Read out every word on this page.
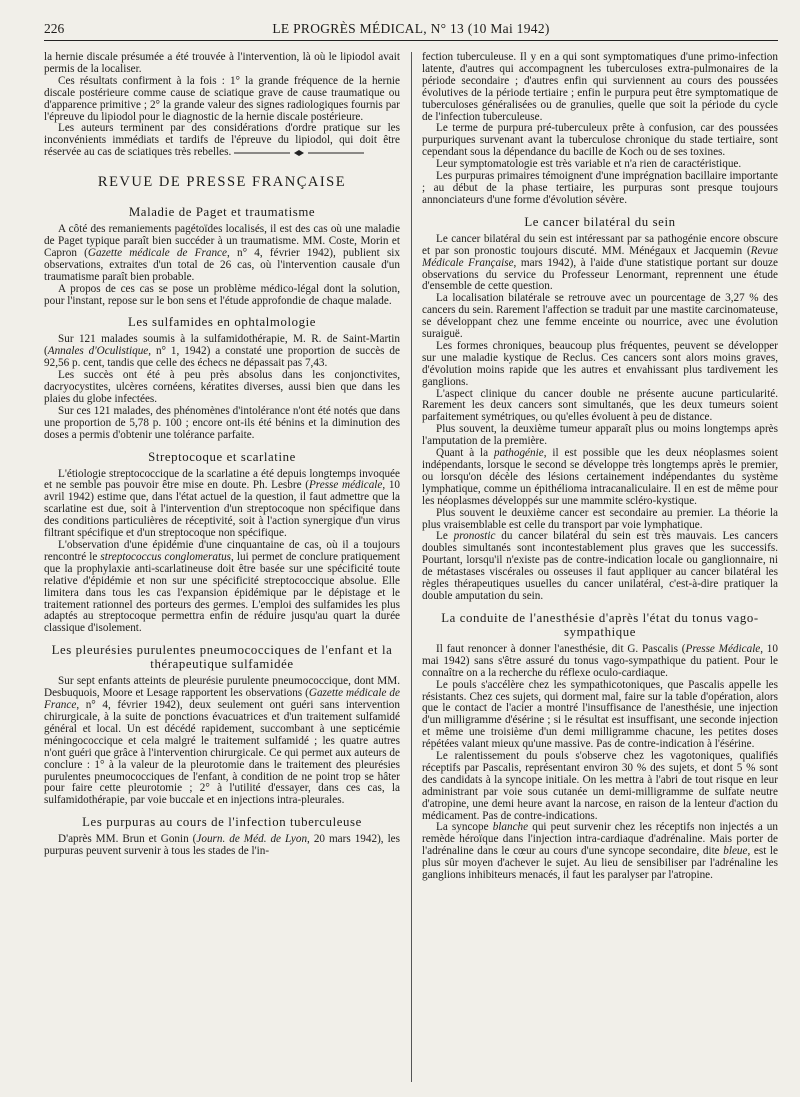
226	LE PROGRÈS MÉDICAL, N° 13 (10 Mai 1942)

la hernie discale présumée a été trouvée à l'intervention, là où le lipiodol avait permis de la localiser.

Ces résultats confirment à la fois : 1° la grande fréquence de la hernie discale postérieure comme cause de sciatique grave de cause traumatique ou d'apparence primitive ; 2° la grande valeur des signes radiologiques fournis par l'épreuve du lipiodol pour le diagnostic de la hernie discale postérieure.

Les auteurs terminent par des considérations d'ordre pratique sur les inconvénients immédiats et tardifs de l'épreuve du lipiodol, qui doit être réservée au cas de sciatiques très rebelles.

REVUE DE PRESSE FRANÇAISE
Maladie de Paget et traumatisme

A côté des remaniements pagétoïdes localisés, il est des cas où une maladie de Paget typique paraît bien succéder à un traumatisme. MM. Coste, Morin et Capron (Gazette médicale de France, n° 4, février 1942), publient six observations, extraites d'un total de 26 cas, où l'intervention causale d'un traumatisme paraît bien probable.

A propos de ces cas se pose un problème médico-légal dont la solution, pour l'instant, repose sur le bon sens et l'étude approfondie de chaque malade.

Les sulfamides en ophtalmologie

Sur 121 malades soumis à la sulfamidothérapie, M. R. de Saint-Martin (Annales d'Oculistique, n° 1, 1942) a constaté une proportion de succès de 92,56 p. cent, tandis que celle des échecs ne dépassait pas 7,43.

Les succès ont été à peu près absolus dans les conjonctivites, dacryocystites, ulcères cornéens, kératites diverses, aussi bien que dans les plaies du globe infectées.

Sur ces 121 malades, des phénomènes d'intolérance n'ont été notés que dans une proportion de 5,78 p. 100 ; encore ont-ils été bénins et la diminution des doses a permis d'obtenir une tolérance parfaite.

Streptocoque et scarlatine

L'étiologie streptococcique de la scarlatine a été depuis longtemps invoquée et ne semble pas pouvoir être mise en doute. Ph. Lesbre (Presse médicale, 10 avril 1942) estime que, dans l'état actuel de la question, il faut admettre que la scarlatine est due, soit à l'intervention d'un streptocoque non spécifique dans des conditions particulières de réceptivité, soit à l'action synergique d'un virus filtrant spécifique et d'un streptocoque non spécifique.

L'observation d'une épidémie d'une cinquantaine de cas, où il a toujours rencontré le streptococcus conglomeratus, lui permet de conclure pratiquement que la prophylaxie anti-scarlatineuse doit être basée sur une spécificité toute relative d'épidémie et non sur une spécificité streptococcique absolue. Elle limitera dans tous les cas l'expansion épidémique par le dépistage et le traitement rationnel des porteurs des germes. L'emploi des sulfamides les plus adaptés au streptocoque permettra enfin de réduire jusqu'au quart la durée classique d'isolement.

Les pleurésies purulentes pneumococciques de l'enfant et la thérapeutique sulfamidée

Sur sept enfants atteints de pleurésie purulente pneumococcique, dont MM. Desbuquois, Moore et Lesage rapportent les observations (Gazette médicale de France, n° 4, février 1942), deux seulement ont guéri sans intervention chirurgicale, à la suite de ponctions évacuatrices et d'un traitement sulfamidé général et local. Un est décédé rapidement, succombant à une septicémie méningococcique et cela malgré le traitement sulfamidé ; les quatre autres n'ont guéri que grâce à l'intervention chirurgicale. Ce qui permet aux auteurs de conclure : 1° à la valeur de la pleurotomie dans le traitement des pleurésies purulentes pneumococciques de l'enfant, à condition de ne point trop se hâter pour faire cette pleurotomie ; 2° à l'utilité d'essayer, dans ces cas, la sulfamidothérapie, par voie buccale et en injections intra-pleurales.

Les purpuras au cours de l'infection tuberculeuse

D'après MM. Brun et Gonin (Journ. de Méd. de Lyon, 20 mars 1942), les purpuras peuvent survenir à tous les stades de l'in-

fection tuberculeuse. Il y en a qui sont symptomatiques d'une primo-infection latente, d'autres qui accompagnent les tuberculoses extra-pulmonaires de la période secondaire ; d'autres enfin qui surviennent au cours des poussées évolutives de la période tertiaire ; enfin le purpura peut être symptomatique de tuberculoses généralisées ou de granulies, quelle que soit la période du cycle de l'infection tuberculeuse.

Le terme de purpura pré-tuberculeux prête à confusion, car des poussées purpuriques survenant avant la tuberculose chronique du stade tertiaire, sont cependant sous la dépendance du bacille de Koch ou de ses toxines.

Leur symptomatologie est très variable et n'a rien de caractéristique.

Les purpuras primaires témoignent d'une imprégnation bacillaire importante ; au début de la phase tertiaire, les purpuras sont presque toujours annonciateurs d'une forme d'évolution sévère.

Le cancer bilatéral du sein

Le cancer bilatéral du sein est intéressant par sa pathogénie encore obscure et par son pronostic toujours discuté. MM. Ménégaux et Jacquemin (Revue Médicale Française, mars 1942), à l'aide d'une statistique portant sur douze observations du service du Professeur Lenormant, reprennent une étude d'ensemble de cette question.

La localisation bilatérale se retrouve avec un pourcentage de 3,27 % des cancers du sein. Rarement l'affection se traduit par une mastite carcinomateuse, se développant chez une femme enceinte ou nourrice, avec une évolution suraiguë.

Les formes chroniques, beaucoup plus fréquentes, peuvent se développer sur une maladie kystique de Reclus. Ces cancers sont alors moins graves, d'évolution moins rapide que les autres et envahissant plus tardivement les ganglions.

L'aspect clinique du cancer double ne présente aucune particularité. Rarement les deux cancers sont simultanés, que les deux tumeurs soient parfaitement symétriques, ou qu'elles évoluent à peu de distance.

Plus souvent, la deuxième tumeur apparaît plus ou moins longtemps après l'amputation de la première.

Quant à la pathogénie, il est possible que les deux néoplasmes soient indépendants, lorsque le second se développe très longtemps après le premier, ou lorsqu'on décèle des lésions certainement indépendantes du système lymphatique, comme un épithélioma intracanaliculaire. Il en est de même pour les néoplasmes développés sur une mammite scléro-kystique.

Plus souvent le deuxième cancer est secondaire au premier. La théorie la plus vraisemblable est celle du transport par voie lymphatique.

Le pronostic du cancer bilatéral du sein est très mauvais. Les cancers doubles simultanés sont incontestablement plus graves que les successifs. Pourtant, lorsqu'il n'existe pas de contre-indication locale ou ganglionnaire, ni de métastases viscérales ou osseuses il faut appliquer au cancer bilatéral les règles thérapeutiques usuelles du cancer unilatéral, c'est-à-dire pratiquer la double amputation du sein.

La conduite de l'anesthésie d'après l'état du tonus vago-sympathique

Il faut renoncer à donner l'anesthésie, dit G. Pascalis (Presse Médicale, 10 mai 1942) sans s'être assuré du tonus vago-sympathique du patient. Pour le connaître on a la recherche du réflexe oculo-cardiaque.

Le pouls s'accélère chez les sympathicotoniques, que Pascalis appelle les résistants. Chez ces sujets, qui dorment mal, faire sur la table d'opération, alors que le contact de l'acier a montré l'insuffisance de l'anesthésie, une injection d'un milligramme d'ésérine ; si le résultat est insuffisant, une seconde injection et même une troisième d'un demi milligramme chacune, les petites doses répétées valant mieux qu'une massive. Pas de contre-indication à l'ésérine.

Le ralentissement du pouls s'observe chez les vagotoniques, qualifiés réceptifs par Pascalis, représentant environ 30 % des sujets, et dont 5 % sont des candidats à la syncope initiale. On les mettra à l'abri de tout risque en leur administrant par voie sous cutanée un demi-milligramme de sulfate neutre d'atropine, une demi heure avant la narcose, en raison de la lenteur d'action du médicament. Pas de contre-indications.

La syncope blanche qui peut survenir chez les réceptifs non injectés a un remède héroïque dans l'injection intra-cardiaque d'adrénaline. Mais porter de l'adrénaline dans le cœur au cours d'une syncope secondaire, dite bleue, est le plus sûr moyen d'achever le sujet. Au lieu de sensibiliser par l'adrénaline les ganglions inhibiteurs menacés, il faut les paralyser par l'atropine.
